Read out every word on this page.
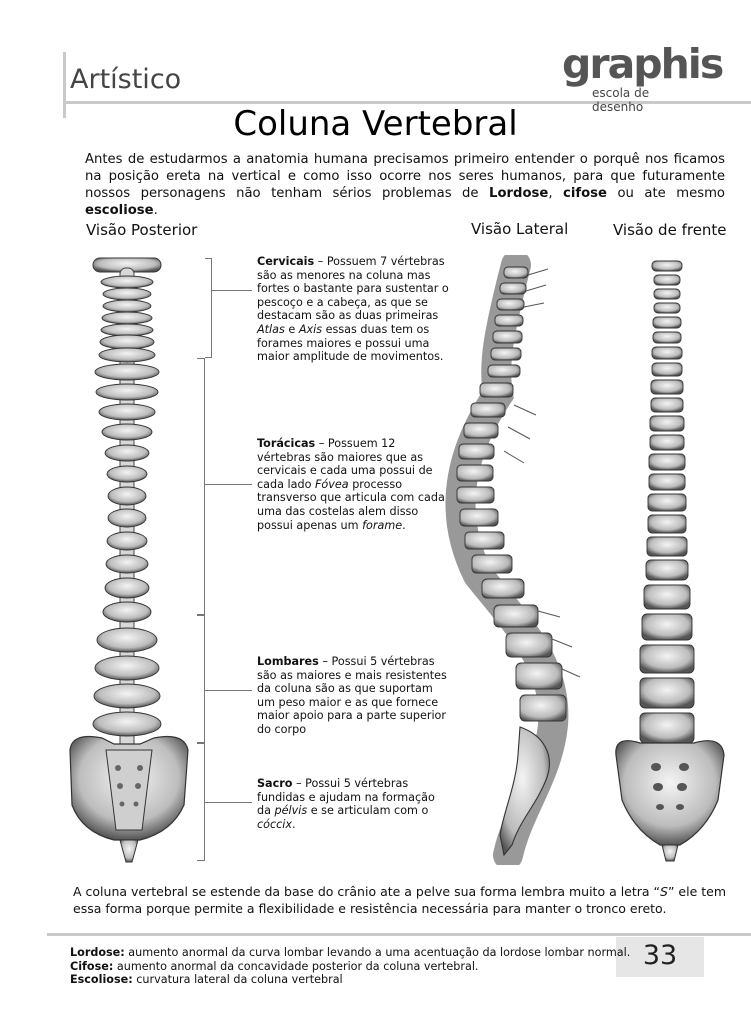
Artístico	graphis
escola de desenho
Coluna Vertebral

Antes de estudarmos a anatomia humana precisamos primeiro entender o porquê nos ficamos na posição ereta na vertical e como isso ocorre nos seres humanos, para que futuramente nossos personagens não tenham sérios problemas de Lordose, cifose ou ate mesmo escoliose.

Visão Posterior	Visão Lateral	Visão de frente

Cervicais – Possuem 7 vértebras são as menores na coluna mas fortes o bastante para sustentar o pescoço e a cabeça, as que se destacam são as duas primeiras Atlas e Axis essas duas tem os forames maiores e possui uma maior amplitude de movimentos.

Torácicas – Possuem 12 vértebras são maiores que as cervicais e cada uma possui de cada lado Fóvea processo transverso que articula com cada uma das costelas alem disso possui apenas um forame.

Lombares – Possui 5 vértebras são as maiores e mais resistentes da coluna são as que suportam um peso maior e as que fornece maior apoio para a parte superior do corpo

Sacro – Possui 5 vértebras fundidas e ajudam na formação da pélvis e se articulam com o cóccix.

A coluna vertebral se estende da base do crânio ate a pelve sua forma lembra muito a letra “S” ele tem essa forma porque permite a flexibilidade e resistência necessária para manter o tronco ereto.

33
Lordose: aumento anormal da curva lombar levando a uma acentuação da lordose lombar normal.
Cifose: aumento anormal da concavidade posterior da coluna vertebral.
Escoliose: curvatura lateral da coluna vertebral
